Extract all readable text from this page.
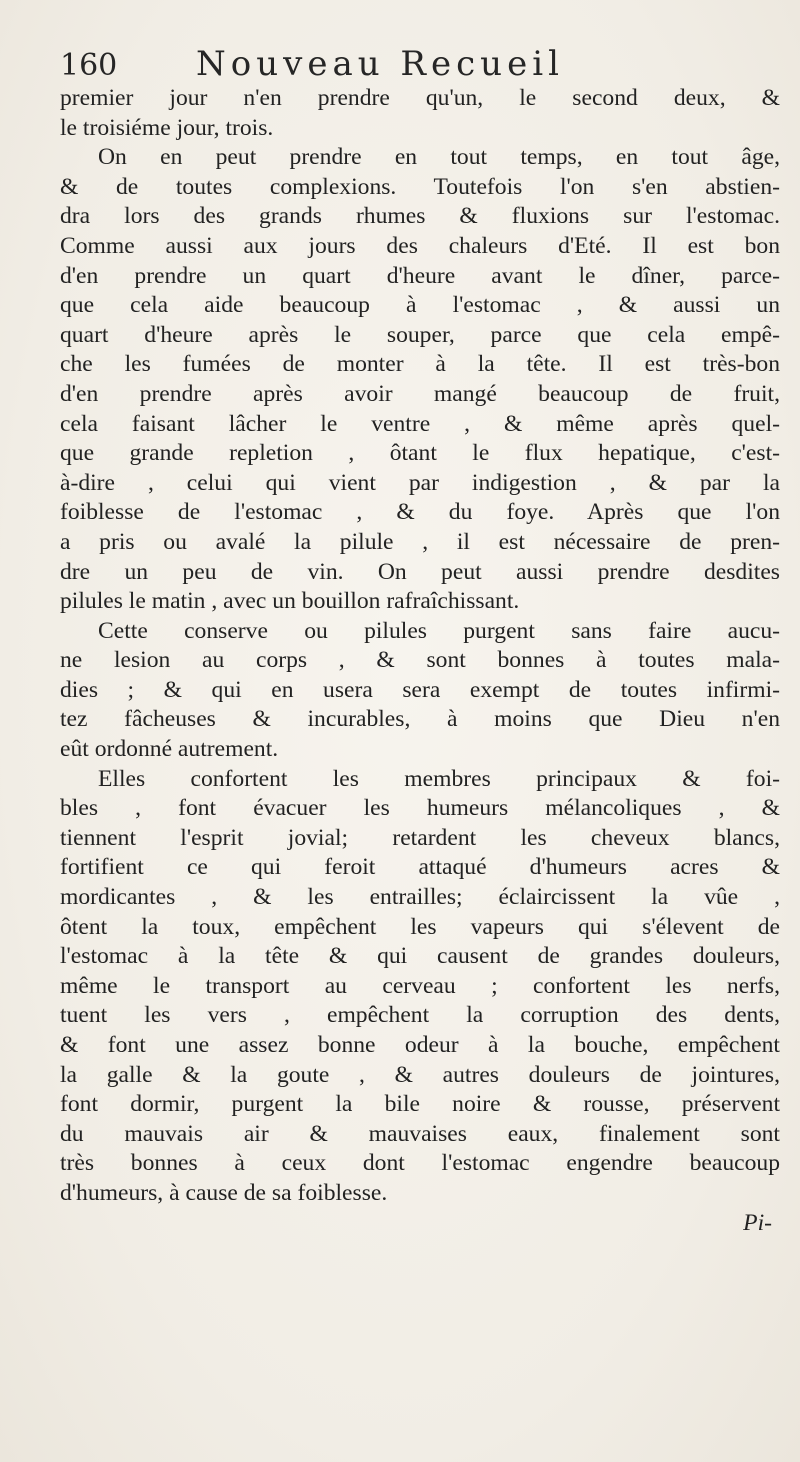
160 Nouveau Recueil
premier jour n'en prendre qu'un, le second deux, &
le troisiéme jour, trois.
On en peut prendre en tout temps, en tout âge,
& de toutes complexions. Toutefois l'on s'en abstien-
dra lors des grands rhumes & fluxions sur l'estomac.
Comme aussi aux jours des chaleurs d'Eté. Il est bon
d'en prendre un quart d'heure avant le dîner, parce-
que cela aide beaucoup à l'estomac , & aussi un
quart d'heure après le souper, parce que cela empê-
che les fumées de monter à la tête. Il est très-bon
d'en prendre après avoir mangé beaucoup de fruit,
cela faisant lâcher le ventre , & même après quel-
que grande repletion , ôtant le flux hepatique, c'est-
à-dire , celui qui vient par indigestion , & par la
foiblesse de l'estomac , & du foye. Après que l'on
a pris ou avalé la pilule , il est nécessaire de pren-
dre un peu de vin. On peut aussi prendre desdites
pilules le matin , avec un bouillon rafraîchissant.
Cette conserve ou pilules purgent sans faire aucu-
ne lesion au corps , & sont bonnes à toutes mala-
dies ; & qui en usera sera exempt de toutes infirmi-
tez fâcheuses & incurables, à moins que Dieu n'en
eût ordonné autrement.
Elles confortent les membres principaux & foi-
bles , font évacuer les humeurs mélancoliques , &
tiennent l'esprit jovial; retardent les cheveux blancs,
fortifient ce qui feroit attaqué d'humeurs acres &
mordicantes , & les entrailles; éclaircissent la vûe ,
ôtent la toux, empêchent les vapeurs qui s'élevent de
l'estomac à la tête & qui causent de grandes douleurs,
même le transport au cerveau ; confortent les nerfs,
tuent les vers , empêchent la corruption des dents,
& font une assez bonne odeur à la bouche, empêchent
la galle & la goute , & autres douleurs de jointures,
font dormir, purgent la bile noire & rousse, préservent
du mauvais air & mauvaises eaux, finalement sont
très bonnes à ceux dont l'estomac engendre beaucoup
d'humeurs, à cause de sa foiblesse.
Pi-
